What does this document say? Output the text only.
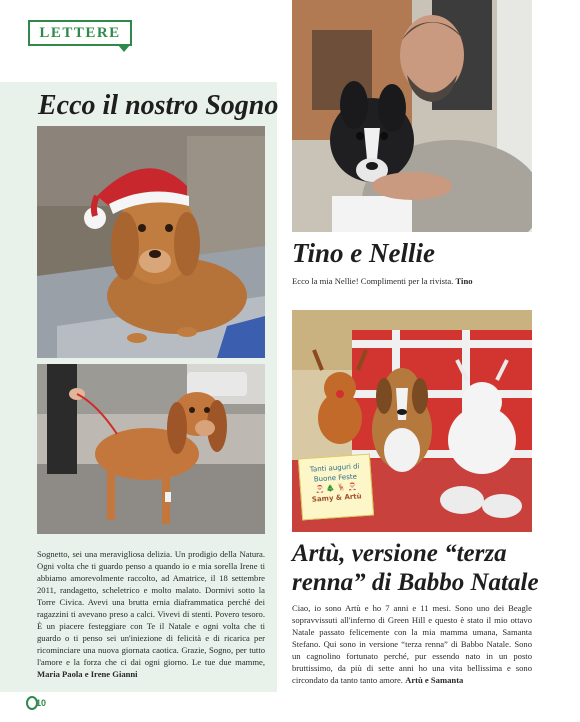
LETTERE
Ecco il nostro Sogno

Sognetto, sei una meravigliosa delizia. Un prodigio della Natura. Ogni volta che ti guardo penso a quando io e mia sorella Irene ti abbiamo amorevolmente raccolto, ad Amatrice, il 18 settembre 2011, randagetto, scheletrico e molto malato. Dormivi sotto la Torre Civica. Avevi una brutta ernia diaframmatica perché dei ragazzini ti avevano preso a calci. Vivevi di stenti. Povero tesoro. È un piacere festeggiare con Te il Natale e ogni volta che ti guardo o ti penso sei un'iniezione di felicità e di ricarica per ricominciare una nuova giornata caotica. Grazie, Sogno, per tutto l'amore e la forza che ci dai ogni giorno. Le tue due mamme, Maria Paola e Irene Gianni

Tino e Nellie

Ecco la mia Nellie! Complimenti per la rivista. Tino

Tanti auguri di
Buone Feste
🎅 🎄 🦌 🎅
Samy & Artù
Artù, versione “terza renna” di Babbo Natale

Ciao, io sono Artù e ho 7 anni e 11 mesi. Sono uno dei Beagle sopravvissuti all'inferno di Green Hill e questo è stato il mio ottavo Natale passato felicemente con la mia mamma umana, Samanta Stefano. Qui sono in versione “terza renna” di Babbo Natale. Sono un cagnolino fortunato perché, pur essendo nato in un posto bruttissimo, da più di sette anni ho una vita bellissima e sono circondato da tanto tanto amore. Artù e Samanta

10
